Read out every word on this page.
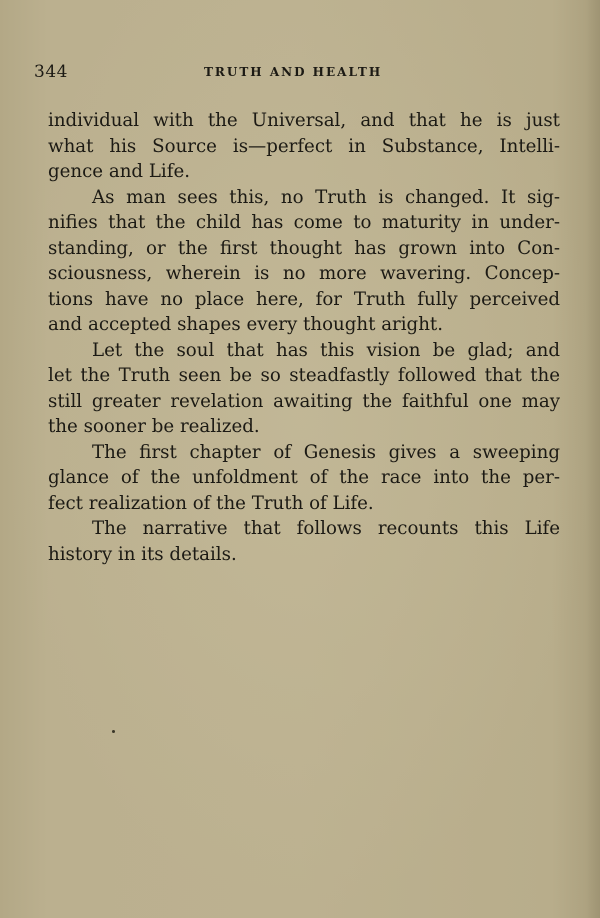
344	TRUTH AND HEALTH
individual with the Universal, and that he is just
what his Source is—perfect in Substance, Intelli-
gence and Life.
As man sees this, no Truth is changed. It sig-
nifies that the child has come to maturity in under-
standing, or the first thought has grown into Con-
sciousness, wherein is no more wavering. Concep-
tions have no place here, for Truth fully perceived
and accepted shapes every thought aright.
Let the soul that has this vision be glad; and
let the Truth seen be so steadfastly followed that the
still greater revelation awaiting the faithful one may
the sooner be realized.
The first chapter of Genesis gives a sweeping
glance of the unfoldment of the race into the per-
fect realization of the Truth of Life.
The narrative that follows recounts this Life
history in its details.
